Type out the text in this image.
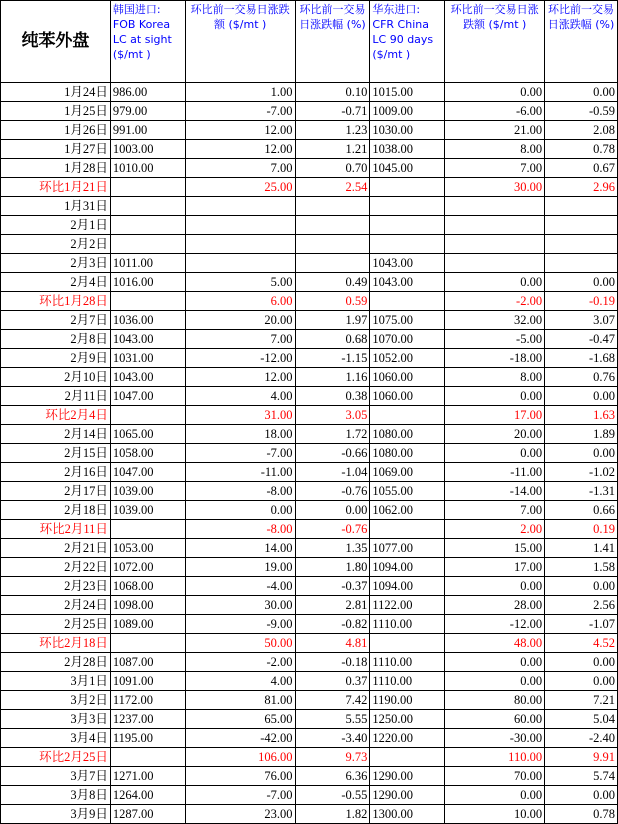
纯苯外盘	韩国进口: FOB Korea LC at sight ($/mt )	环比前一交易日涨跌额 ($/mt )	环比前一交易日涨跌幅 (%)	华东进口: CFR China LC 90 days ($/mt )	环比前一交易日涨跌额 ($/mt )	环比前一交易日涨跌幅 (%)
1月24日	986.00	1.00	0.10	1015.00	0.00	0.00
1月25日	979.00	-7.00	-0.71	1009.00	-6.00	-0.59
1月26日	991.00	12.00	1.23	1030.00	21.00	2.08
1月27日	1003.00	12.00	1.21	1038.00	8.00	0.78
1月28日	1010.00	7.00	0.70	1045.00	7.00	0.67
环比1月21日		25.00	2.54		30.00	2.96
1月31日						
2月1日						
2月2日						
2月3日	1011.00			1043.00		
2月4日	1016.00	5.00	0.49	1043.00	0.00	0.00
环比1月28日		6.00	0.59		-2.00	-0.19
2月7日	1036.00	20.00	1.97	1075.00	32.00	3.07
2月8日	1043.00	7.00	0.68	1070.00	-5.00	-0.47
2月9日	1031.00	-12.00	-1.15	1052.00	-18.00	-1.68
2月10日	1043.00	12.00	1.16	1060.00	8.00	0.76
2月11日	1047.00	4.00	0.38	1060.00	0.00	0.00
环比2月4日		31.00	3.05		17.00	1.63
2月14日	1065.00	18.00	1.72	1080.00	20.00	1.89
2月15日	1058.00	-7.00	-0.66	1080.00	0.00	0.00
2月16日	1047.00	-11.00	-1.04	1069.00	-11.00	-1.02
2月17日	1039.00	-8.00	-0.76	1055.00	-14.00	-1.31
2月18日	1039.00	0.00	0.00	1062.00	7.00	0.66
环比2月11日		-8.00	-0.76		2.00	0.19
2月21日	1053.00	14.00	1.35	1077.00	15.00	1.41
2月22日	1072.00	19.00	1.80	1094.00	17.00	1.58
2月23日	1068.00	-4.00	-0.37	1094.00	0.00	0.00
2月24日	1098.00	30.00	2.81	1122.00	28.00	2.56
2月25日	1089.00	-9.00	-0.82	1110.00	-12.00	-1.07
环比2月18日		50.00	4.81		48.00	4.52
2月28日	1087.00	-2.00	-0.18	1110.00	0.00	0.00
3月1日	1091.00	4.00	0.37	1110.00	0.00	0.00
3月2日	1172.00	81.00	7.42	1190.00	80.00	7.21
3月3日	1237.00	65.00	5.55	1250.00	60.00	5.04
3月4日	1195.00	-42.00	-3.40	1220.00	-30.00	-2.40
环比2月25日		106.00	9.73		110.00	9.91
3月7日	1271.00	76.00	6.36	1290.00	70.00	5.74
3月8日	1264.00	-7.00	-0.55	1290.00	0.00	0.00
3月9日	1287.00	23.00	1.82	1300.00	10.00	0.78
